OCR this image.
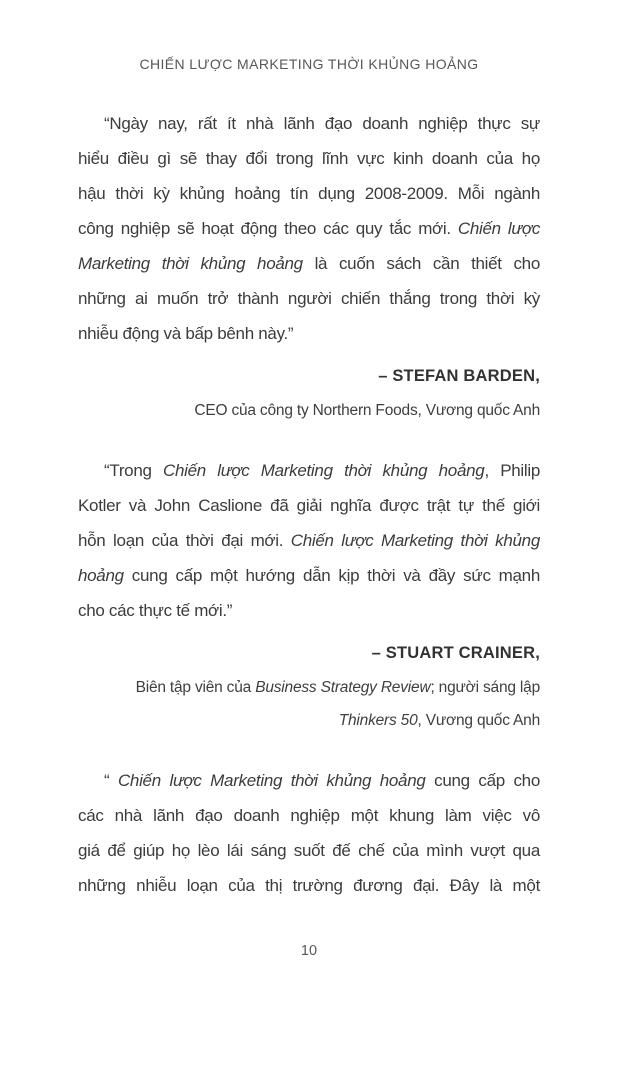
CHIẾN LƯỢC MARKETING THỜI KHỦNG HOẢNG
“Ngày nay, rất ít nhà lãnh đạo doanh nghiệp thực sự
hiểu điều gì sẽ thay đổi trong lĩnh vực kinh doanh của họ
hậu thời kỳ khủng hoảng tín dụng 2008-2009. Mỗi ngành
công nghiệp sẽ hoạt động theo các quy tắc mới. Chiến lược
Marketing thời khủng hoảng là cuốn sách cần thiết cho
những ai muốn trở thành người chiến thắng trong thời kỳ
nhiễu động và bấp bênh này.”
– STEFAN BARDEN,
CEO của công ty Northern Foods, Vương quốc Anh
“Trong Chiến lược Marketing thời khủng hoảng, Philip
Kotler và John Caslione đã giải nghĩa được trật tự thế giới
hỗn loạn của thời đại mới. Chiến lược Marketing thời khủng
hoảng cung cấp một hướng dẫn kịp thời và đầy sức mạnh
cho các thực tế mới.”
– STUART CRAINER,
Biên tập viên của Business Strategy Review; người sáng lập
Thinkers 50, Vương quốc Anh
“ Chiến lược Marketing thời khủng hoảng cung cấp cho
các nhà lãnh đạo doanh nghiệp một khung làm việc vô
giá để giúp họ lèo lái sáng suốt đế chế của mình vượt qua
những nhiễu loạn của thị trường đương đại. Đây là một
10
